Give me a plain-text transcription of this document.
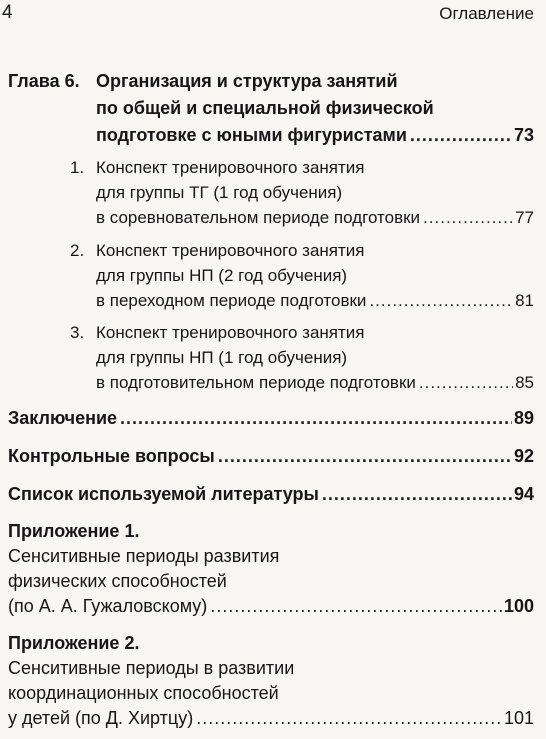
4	Оглавление
Глава 6. Организация и структура занятий
по общей и специальной физической
подготовке с юными фигуристами .....	73
1. Конспект тренировочного занятия
для группы ТГ (1 год обучения)
в соревновательном периоде подготовки .....	77
2. Конспект тренировочного занятия
для группы НП (2 год обучения)
в переходном периоде подготовки .....	81
3. Конспект тренировочного занятия
для группы НП (1 год обучения)
в подготовительном периоде подготовки .....	85
Заключение .....	89
Контрольные вопросы .....	92
Список используемой литературы .....	94
Приложение 1.
Сенситивные периоды развития
физических способностей
(по А. А. Гужаловскому) .....	100
Приложение 2.
Сенситивные периоды в развитии
координационных способностей
у детей (по Д. Хиртцу) .....	101
